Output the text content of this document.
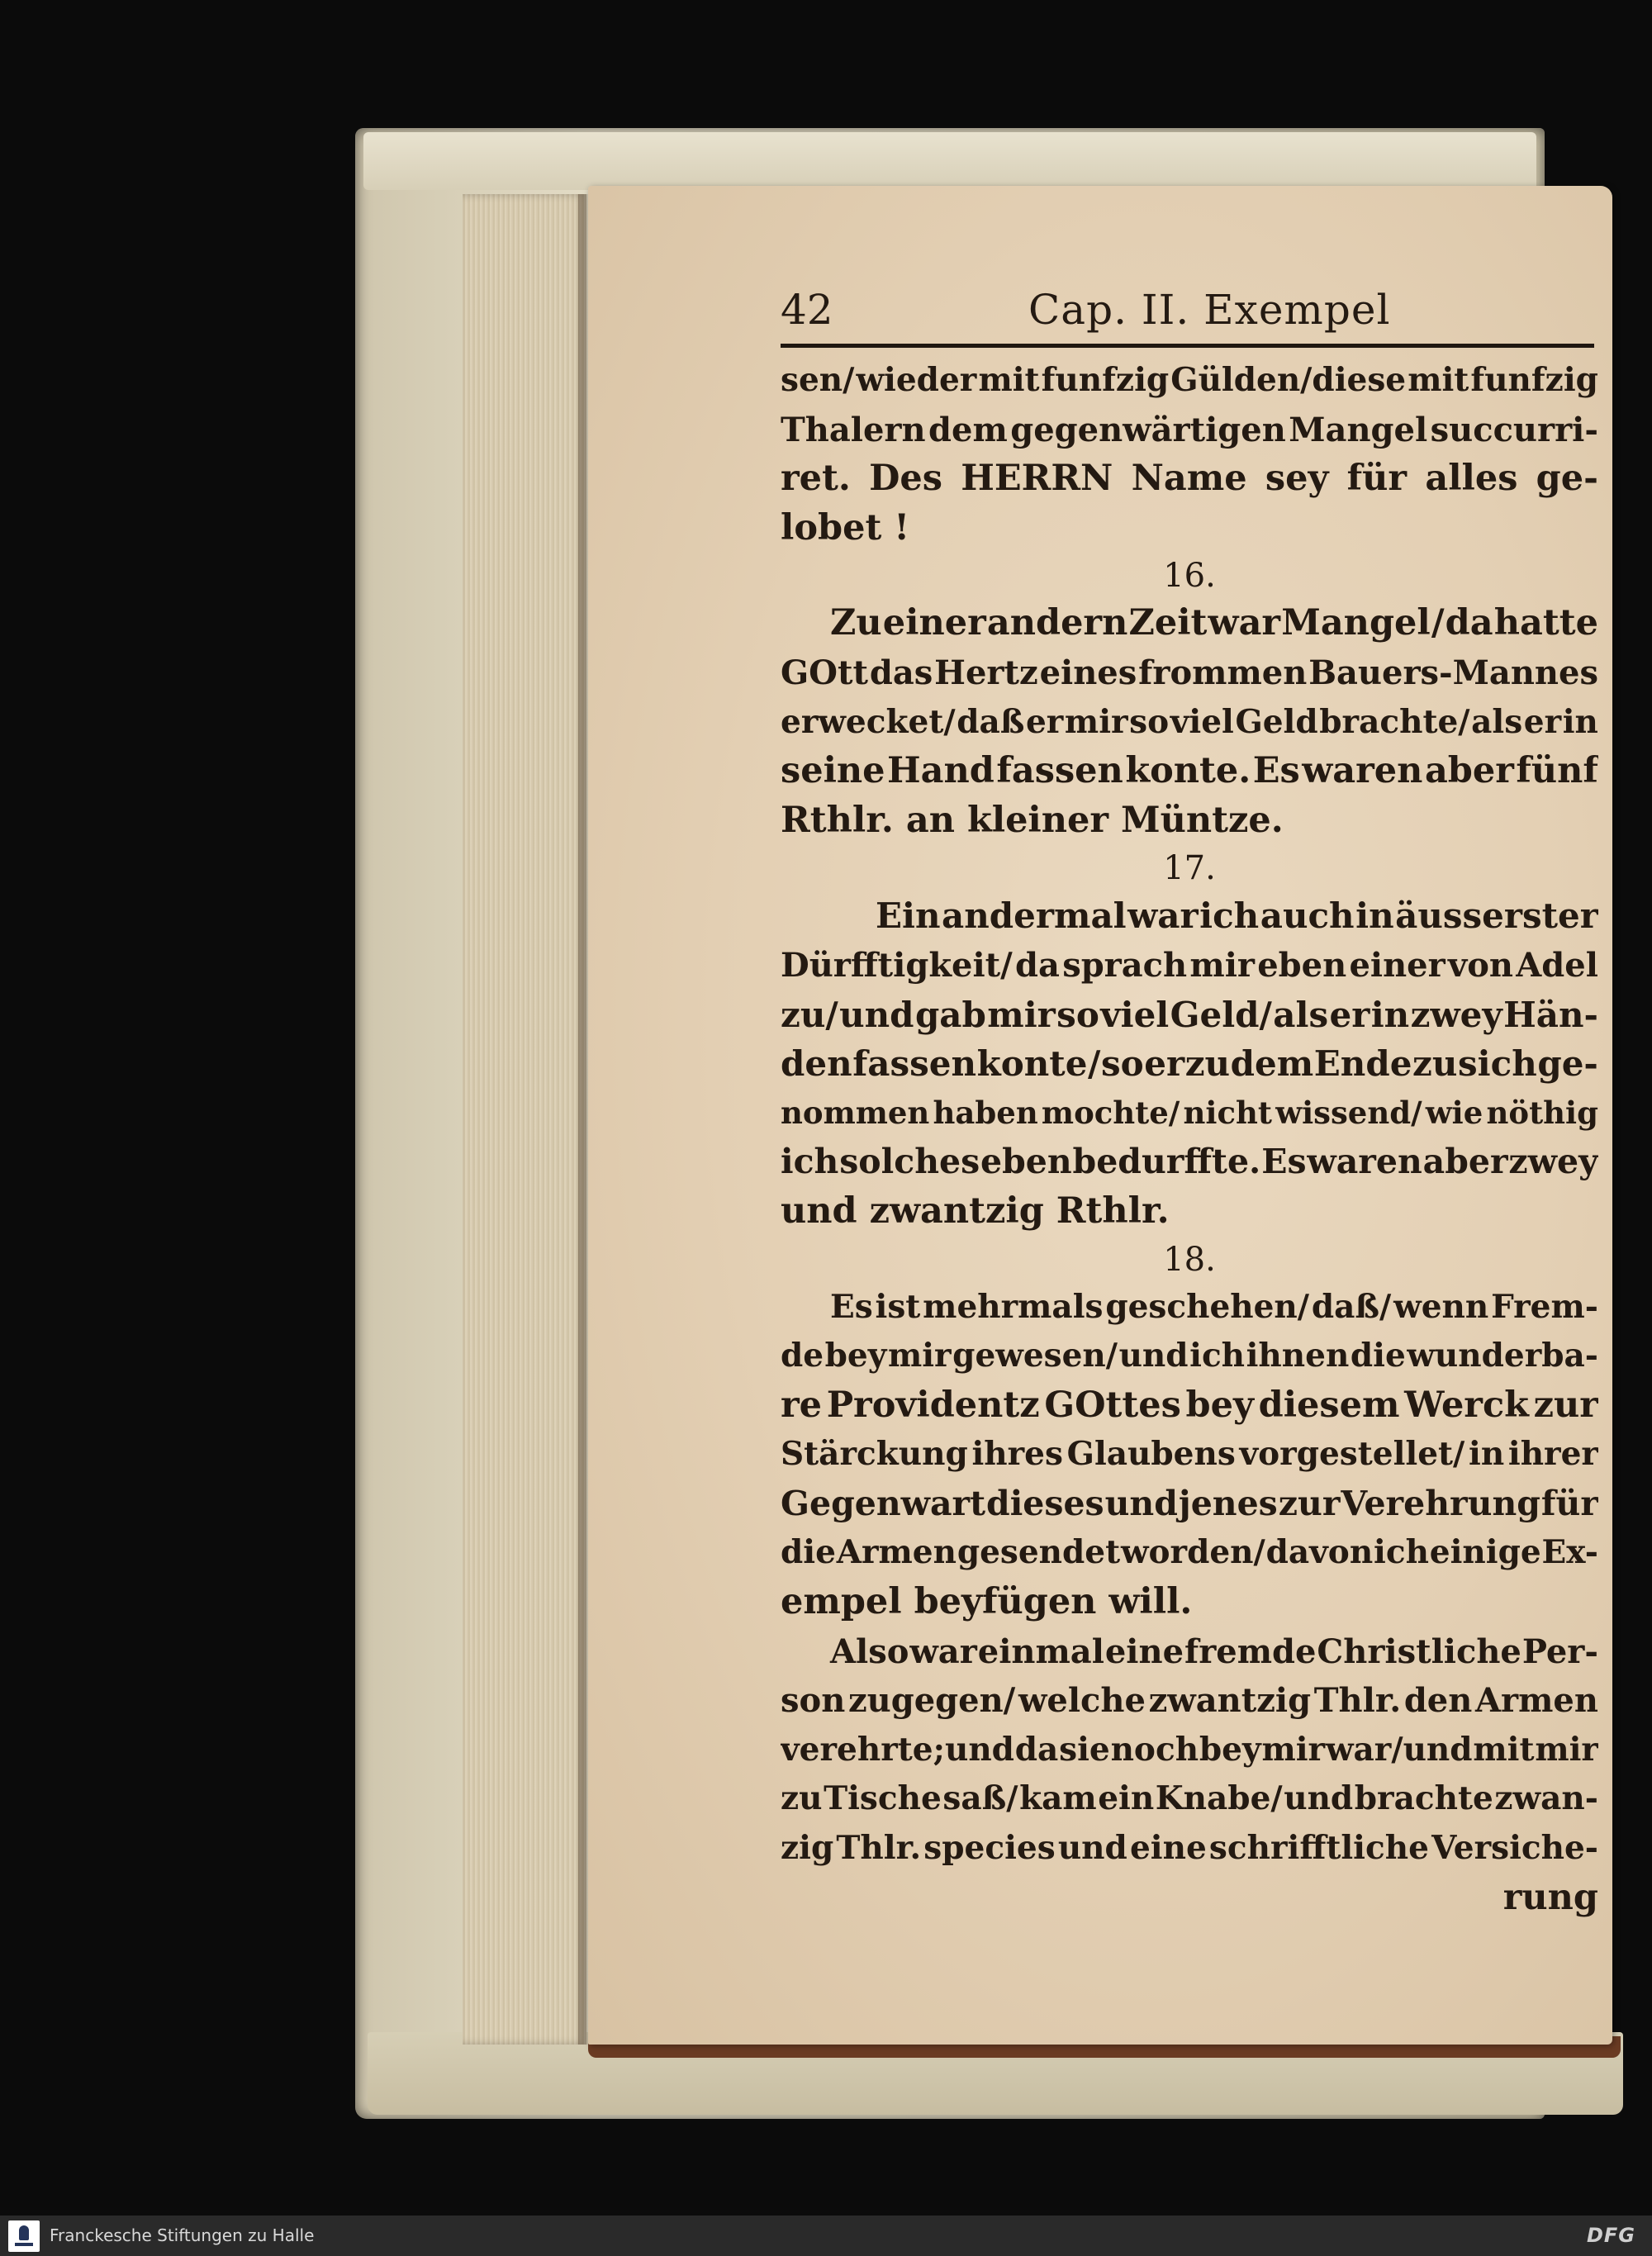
42	Cap. II. Exempel
sen/ wieder mit funfzig Gülden/diese mit funfzig
Thalern dem gegenwärtigen Mangel succurri-
ret. Des HERRN Name sey für alles ge-
lobet !
16.
Zu einer andern Zeit war Mangel / da hatte
GOtt das Hertz eines frommen Bauers-Mannes
erwecket/ daß er mir so viel Geld brachte/ als er in
seine Hand fassen konte. Es waren aber fünf
Rthlr. an kleiner Müntze.
17.
Ein andermal war ich auch in äusserster
Dürfftigkeit/ da sprach mir eben einer von Adel
zu/ und gab mir so viel Geld/ als er in zwey Hän-
den fassen konte / so er zu dem Ende zu sich ge-
nommen haben mochte/ nicht wissend/ wie nöthig
ich solches eben bedurffte. Es waren aber zwey
und zwantzig Rthlr.
18.
Es ist mehrmals geschehen/ daß/ wenn Frem-
de bey mir gewesen/ und ich ihnen die wunderba-
re Providentz GOttes bey diesem Werck zur
Stärckung ihres Glaubens vorgestellet/ in ihrer
Gegenwart dieses und jenes zur Verehrung für
die Armen gesendet worden/ davon ich einige Ex-
empel beyfügen will.
Also war einmal eine fremde Christliche Per-
son zugegen/ welche zwantzig Thlr. den Armen
verehrte;und da sie noch bey mir war/und mit mir
zu Tische saß/ kam ein Knabe/ und brachte zwan-
zig Thlr. species und eine schrifftliche Versiche-
rung
Franckesche Stiftungen zu Halle	DFG
